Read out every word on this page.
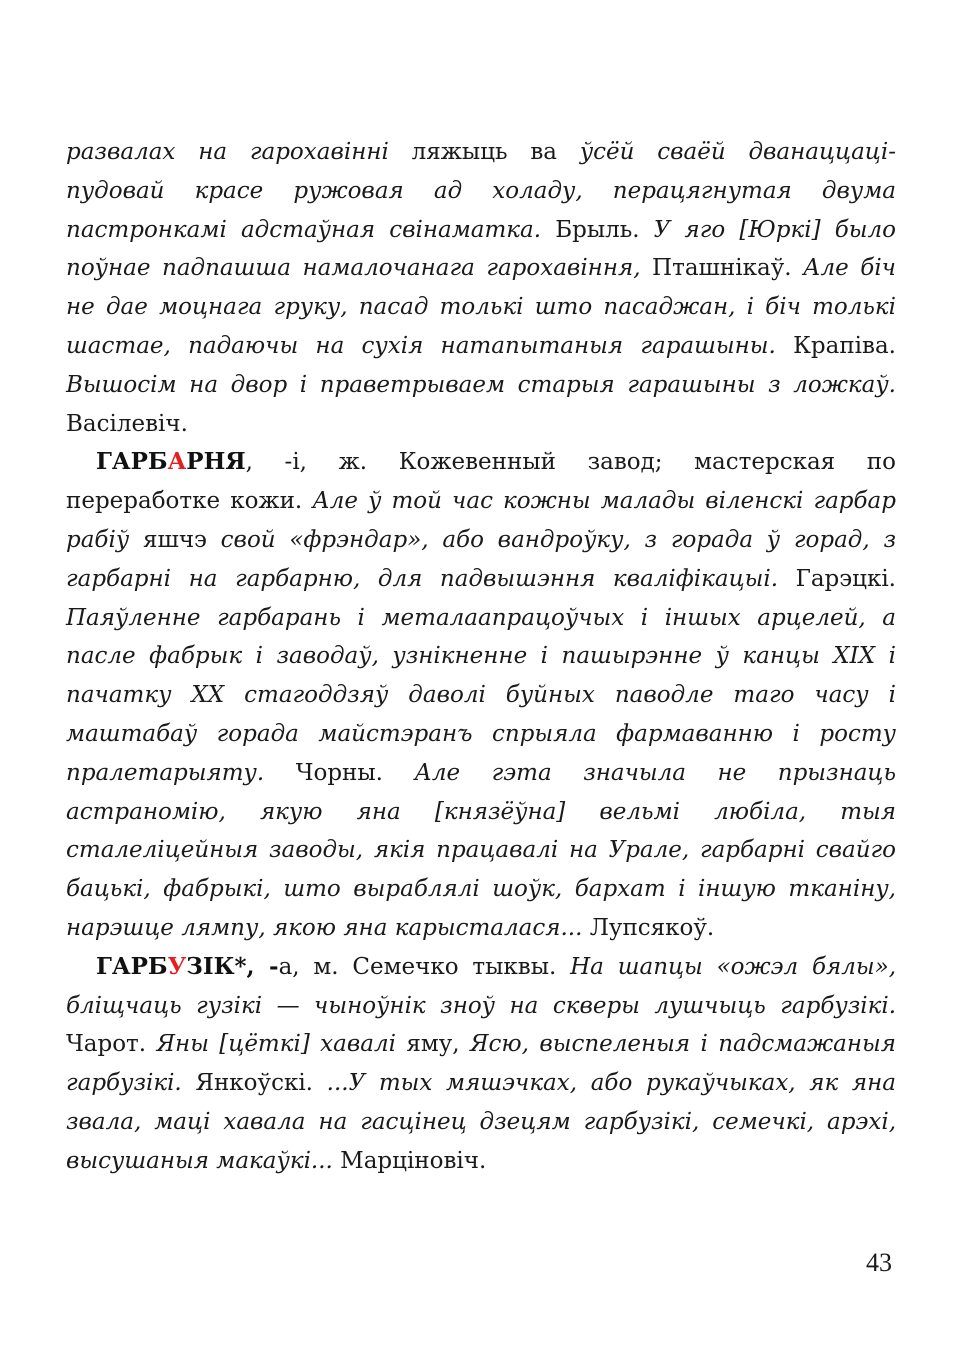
развалах на гарохавінні ляжыць ва ўсёй сваёй дванаццаці-
пудовай красе ружовая ад холаду, перацягнутая двума
пастронкамі адстаўная свінаматка. Брыль. У яго [Юркі] было
поўнае падпашша намалочанага гарохавіння, Пташнікаў. Але біч
не дае моцнага груку, пасад толькі што пасаджан, і біч толькі
шастае, падаючы на сухія натапытаныя гарашыны. Крапіва.
Вышосім на двор і праветрываем старыя гарашыны з ложкаў.
Васілевіч.
ГАРБАРНЯ, -і, ж. Кожевенный завод; мастерская по
переработке кожи. Але ў той час кожны малады віленскі гарбар
рабіў яшчэ свой «фрэндар», або вандроўку, з горада ў горад, з
гарбарні на гарбарню, для падвышэння кваліфікацыі. Гарэцкі.
Паяўленне гарбарань і металаапрацоўчых і іншых арцелей, а
пасле фабрык і заводаў, узнікненне і пашырэнне ў канцы XIX і
пачатку XX стагоддзяў даволі буйных паводле таго часу і
маштабаў горада майстэранъ спрыяла фармаванню і росту
пралетарыяту. Чорны. Але гэта значыла не прызнаць
астраномію, якую яна [князёўна] вельмі любіла, тыя
сталеліцейныя заводы, якія працавалі на Урале, гарбарні свайго
бацькі, фабрыкі, што выраблялі шоўк, бархат і іншую тканіну,
нарэшце лямпу, якою яна карысталася... Лупсякоў.
ГАРБУЗІК*, -а, м. Семечко тыквы. На шапцы «ожэл бялы»,
бліщчаць гузікі — чыноўнік зноў на скверы лушчыць гарбузікі.
Чарот. Яны [цёткі] хавалі яму, Ясю, выспеленыя і падсмажаныя
гарбузікі. Янкоўскі. ...У тых мяшэчках, або рукаўчыках, як яна
звала, маці хавала на гасцінец дзецям гарбузікі, семечкі, арэхі,
высушаныя макаўкі... Марціновіч.
43
